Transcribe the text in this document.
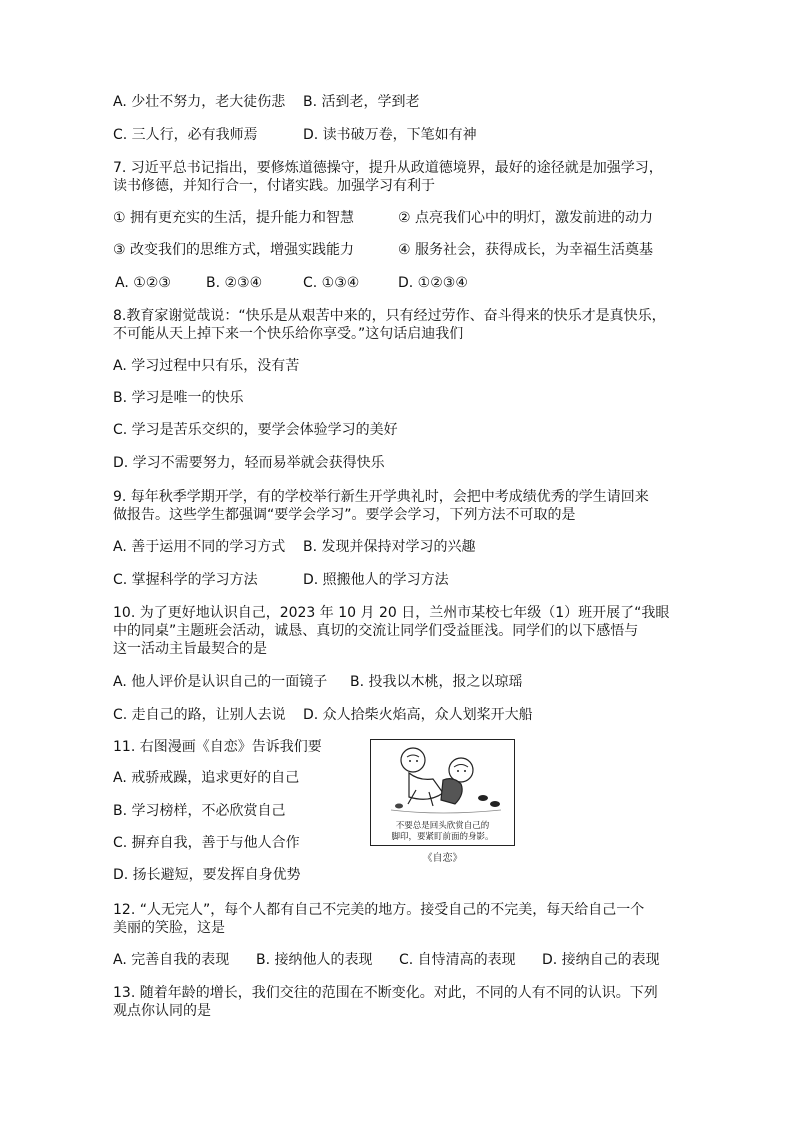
A. 少壮不努力，老大徒伤悲 B. 活到老，学到老
C. 三人行，必有我师焉	D. 读书破万卷，下笔如有神
7. 习近平总书记指出，要修炼道德操守，提升从政道德境界，最好的途径就是加强学习，
读书修德，并知行合一，付诸实践。加强学习有利于
① 拥有更充实的生活，提升能力和智慧	② 点亮我们心中的明灯，激发前进的动力
③ 改变我们的思维方式，增强实践能力	④ 服务社会，获得成长，为幸福生活奠基
A. ①②③	B. ②③④	C. ①③④	D. ①②③④
8.教育家谢觉哉说：“快乐是从艰苦中来的，只有经过劳作、奋斗得来的快乐才是真快乐，
不可能从天上掉下来一个快乐给你享受。”这句话启迪我们
A. 学习过程中只有乐，没有苦
B. 学习是唯一的快乐
C. 学习是苦乐交织的，要学会体验学习的美好
D. 学习不需要努力，轻而易举就会获得快乐
9. 每年秋季学期开学，有的学校举行新生开学典礼时，会把中考成绩优秀的学生请回来
做报告。这些学生都强调“要学会学习”。要学会学习，下列方法不可取的是
A. 善于运用不同的学习方式 B. 发现并保持对学习的兴趣
C. 掌握科学的学习方法	D. 照搬他人的学习方法
10. 为了更好地认识自己，2023 年 10 月 20 日，兰州市某校七年级（1）班开展了“我眼
中的同桌”主题班会活动，诚恳、真切的交流让同学们受益匪浅。同学们的以下感悟与
这一活动主旨最契合的是
A. 他人评价是认识自己的一面镜子 B. 投我以木桃，报之以琼瑶
C. 走自己的路，让别人去说 D. 众人拾柴火焰高，众人划桨开大船
11. 右图漫画《自恋》告诉我们要
A. 戒骄戒躁，追求更好的自己
B. 学习榜样，不必欣赏自己
C. 摒弃自我，善于与他人合作
D. 扬长避短，要发挥自身优势
不要总是回头欣赏自己的
脚印，要紧盯前面的身影。
《自恋》
12. “人无完人”，每个人都有自己不完美的地方。接受自己的不完美，每天给自己一个
美丽的笑脸，这是
A. 完善自我的表现 B. 接纳他人的表现 C. 自恃清高的表现 D. 接纳自己的表现
13. 随着年龄的增长，我们交往的范围在不断变化。对此，不同的人有不同的认识。下列
观点你认同的是
